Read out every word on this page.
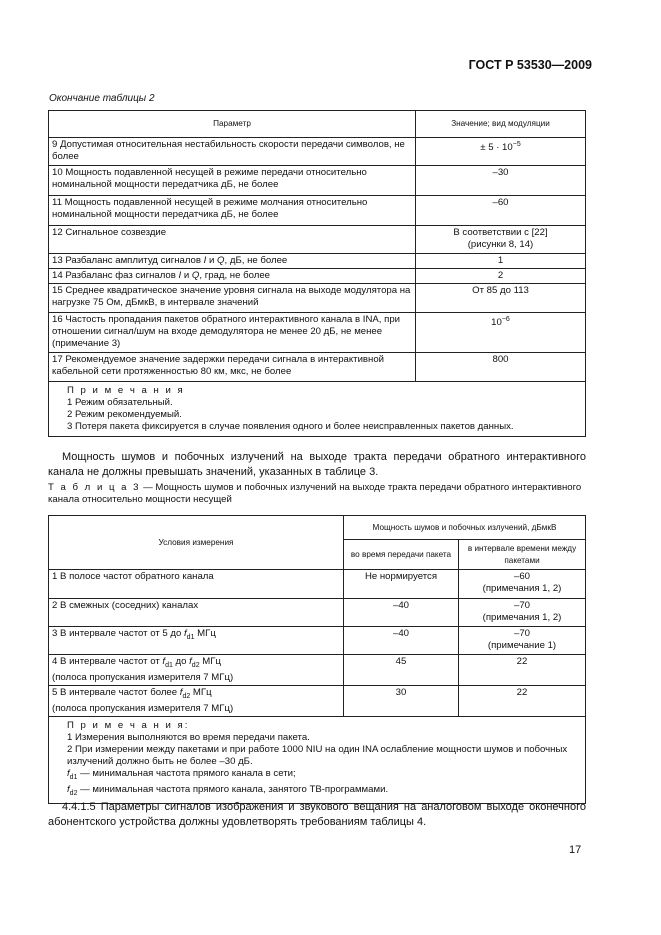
ГОСТ Р 53530—2009
Окончание таблицы 2
Параметр	Значение; вид модуляции
9 Допустимая относительная нестабильность скорости передачи символов, не более	± $5 \cdot 10^{-5}$
10 Мощность подавленной несущей в режиме передачи относительно номинальной мощности передатчика дБ, не более	–30
11 Мощность подавленной несущей в режиме молчания относительно номинальной мощности передатчика дБ, не более	–60
12 Сигнальное созвездие	В соответствии с [22]
(рисунки 8, 14)
13 Разбаланс амплитуд сигналов I и Q, дБ, не более	1
14 Разбаланс фаз сигналов I и Q, град, не более	2
15 Среднее квадратическое значение уровня сигнала на выходе модулятора на нагрузке 75 Ом, дБмкВ, в интервале значений	От 85 до 113
16 Частость пропадания пакетов обратного интерактивного канала в INA, при отношении сигнал/шум на входе демодулятора не менее 20 дБ, не менее (примечание 3)	$10^{-6}$
17 Рекомендуемое значение задержки передачи сигнала в интерактивной кабельной сети протяженностью 80 км, мкс, не более	800

П р и м е ч а н и я
1 Режим обязательный.
2 Режим рекомендуемый.
3 Потеря пакета фиксируется в случае появления одного и более неисправленных пакетов данных.	
Мощность шумов и побочных излучений на выходе тракта передачи обратного интерактивного канала не должны превышать значений, указанных в таблице 3.
Т а б л и ц а 3 — Мощность шумов и побочных излучений на выходе тракта передачи обратного интерактивного канала относительно мощности несущей
Условия измерения	Мощность шумов и побочных излучений, дБмкВ	
	во время передачи пакета	в интервале времени между пакетами
1 В полосе частот обратного канала	Не нормируется	–60
(примечания 1, 2)
2 В смежных (соседних) каналах	–40	–70
(примечания 1, 2)
3 В интервале частот от 5 до $f_{d1}$ МГц	–40	–70
(примечание 1)
4 В интервале частот от $f_{d1}$ до $f_{d2}$ МГц
(полоса пропускания измерителя 7 МГц)	45	22
5 В интервале частот более $f_{d2}$ МГц
(полоса пропускания измерителя 7 МГц)	30	22

П р и м е ч а н и я:
1 Измерения выполняются во время передачи пакета.
2 При измерении между пакетами и при работе 1000 NIU на один INA ослабление мощности шумов и побочных излучений должно быть не более –30 дБ.
$f_{d1}$ — минимальная частота прямого канала в сети;
$f_{d2}$ — минимальная частота прямого канала, занятого ТВ-программами.		
4.4.1.5 Параметры сигналов изображения и звукового вещания на аналоговом выходе оконечного абонентского устройства должны удовлетворять требованиям таблицы 4.
17
